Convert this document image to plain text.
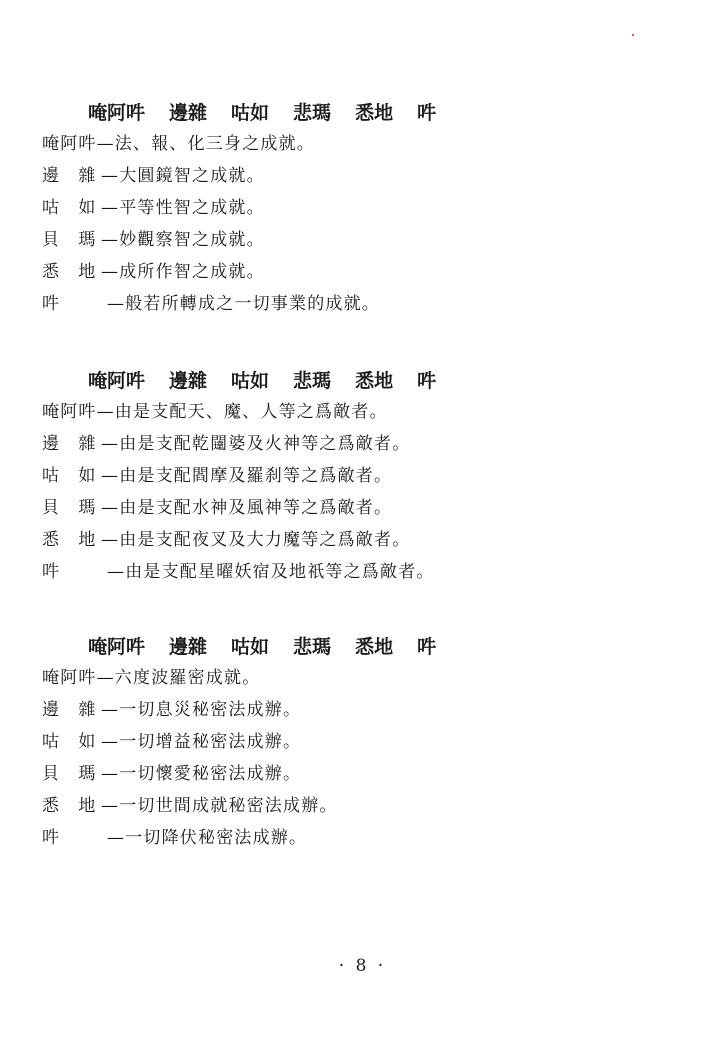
唵阿吽 邊雜 咕如 悲瑪 悉地 吽
唵阿吽 —法、報、化三身之成就。
邊　雜 —大圓鏡智之成就。
咕　如 —平等性智之成就。
貝　瑪 —妙觀察智之成就。
悉　地 —成所作智之成就。
吽	—般若所轉成之一切事業的成就。
唵阿吽 邊雜 咕如 悲瑪 悉地 吽
唵阿吽 —由是支配天、魔、人等之爲敵者。
邊　雜 —由是支配乾闥婆及火神等之爲敵者。
咕　如 —由是支配閻摩及羅刹等之爲敵者。
貝　瑪 —由是支配水神及風神等之爲敵者。
悉　地 —由是支配夜叉及大力魔等之爲敵者。
吽	—由是支配星曜妖宿及地祇等之爲敵者。
唵阿吽 邊雜 咕如 悲瑪 悉地 吽
唵阿吽 —六度波羅密成就。
邊　雜 —一切息災秘密法成辦。
咕　如 —一切增益秘密法成辦。
貝　瑪 —一切懷愛秘密法成辦。
悉　地 —一切世間成就秘密法成辦。
吽	—一切降伏秘密法成辦。
· 8 ·
